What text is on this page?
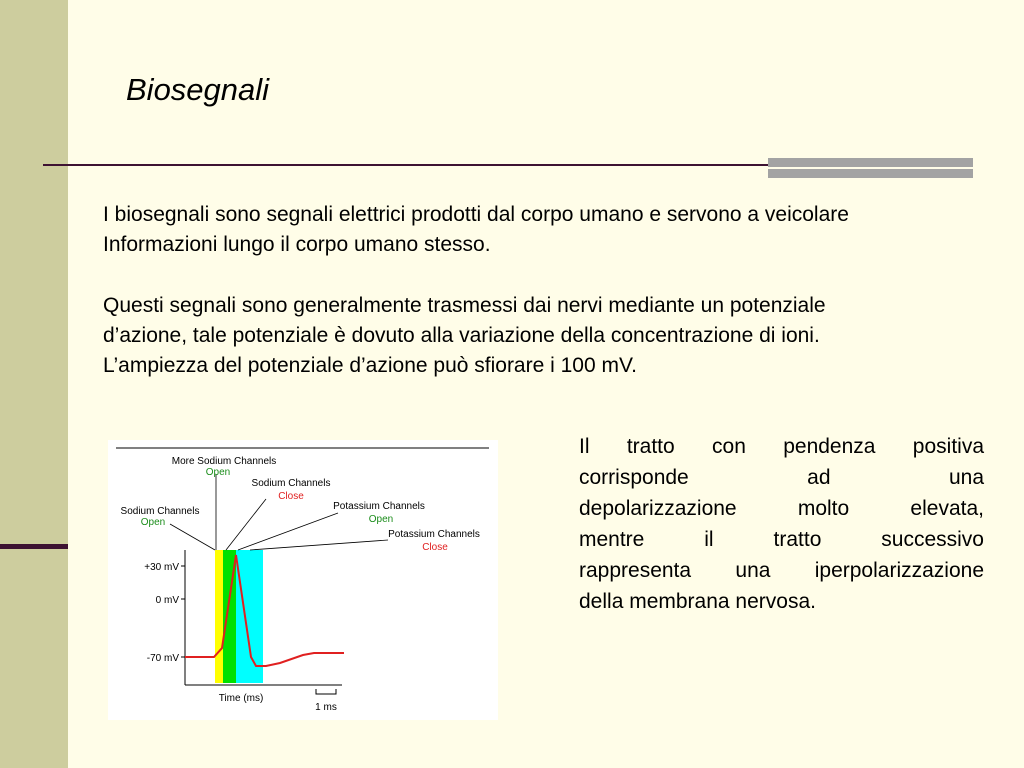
Biosegnali

I biosegnali sono segnali elettrici prodotti dal corpo umano e servono a veicolare
Informazioni lungo il corpo umano stesso.

Questi segnali sono generalmente trasmessi dai nervi mediante un potenziale
d’azione, tale potenziale è dovuto alla variazione della concentrazione di ioni.
L’ampiezza del potenziale d’azione può sfiorare i 100 mV.

Il tratto con pendenza positiva
corrisponde ad una
depolarizzazione molto elevata,
mentre il tratto successivo
rappresenta una iperpolarizzazione
della membrana nervosa.

+30 mV
0 mV
-70 mV
Time (ms)
1 ms
More Sodium Channels
Open
Sodium Channels
Close
Sodium Channels
Open
Potassium Channels
Open
Potassium Channels
Close
